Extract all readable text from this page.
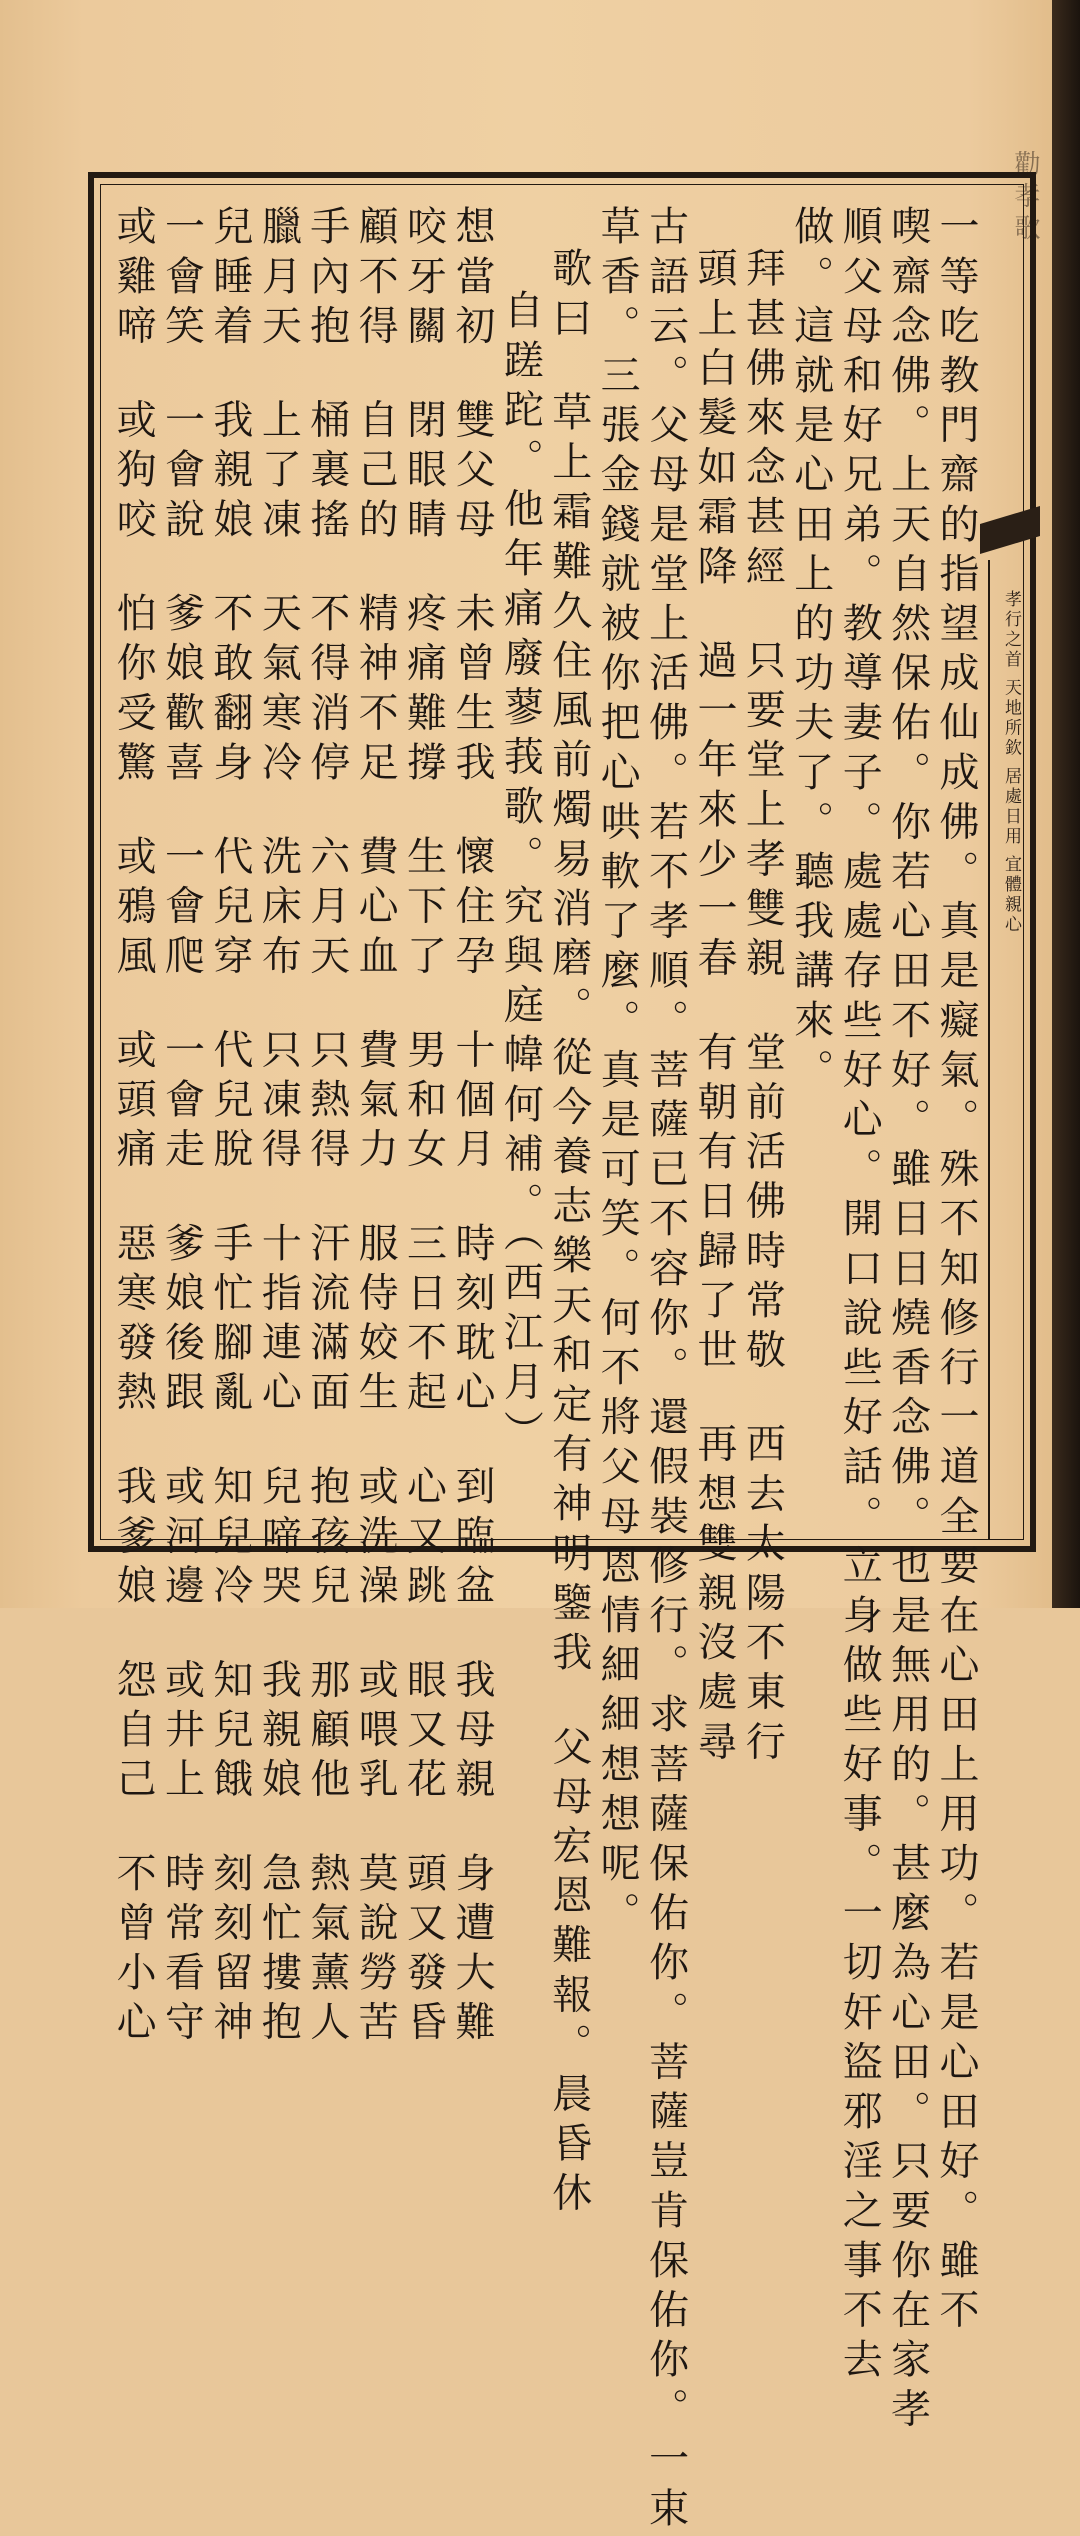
勸孝歌
孝行之首 天地所欽 居處日用 宜體親心

一等吃教門齋的指望成仙成佛。真是癡氣。殊不知修行一道全要在心田上用功。若是心田好。雖不

喫齋念佛。上天自然保佑。你若心田不好。雖日日燒香念佛。也是無用的。甚麼為心田。只要你在家孝

順父母和好兄弟。教導妻子。處處存些好心。開口說些好話。立身做些好事。一切奸盜邪淫之事不去

做。這就是心田上的功夫了。聽我講來。

拜甚佛來念甚經  只要堂上孝雙親  堂前活佛時常敬  西去太陽不東行

頭上白髮如霜降  過一年來少一春  有朝有日歸了世  再想雙親沒處尋

古語云。父母是堂上活佛。若不孝順。菩薩已不容你。還假裝修行。求菩薩保佑你。菩薩豈肯保佑你。一束

草香。三張金錢就被你把心哄軟了麼。真是可笑。何不將父母恩情細細想想呢。

歌曰  草上霜難久住風前燭易消磨。從今養志樂天和定有神明鑒我  父母宏恩難報。晨昏休

自蹉跎。他年痛廢蓼莪歌。究與庭幃何補。（西江月）

想當初  雙父母  未曾生我  懷住孕  十個月  時刻耽心  到臨盆  我母親  身遭大難

咬牙關  閉眼睛  疼痛難撐  生下了  男和女  三日不起  心又跳  眼又花  頭又發昏

顧不得  自己的  精神不足  費心血  費氣力  服侍姣生  或洗澡  或喂乳  莫說勞苦

手內抱  桶裏搖  不得消停  六月天  只熱得  汗流滿面  抱孩兒  那顧他  熱氣薰人

臘月天  上了凍  天氣寒冷  洗床布  只凍得  十指連心  兒啼哭  我親娘  急忙摟抱

兒睡着  我親娘  不敢翻身  代兒穿  代兒脫  手忙腳亂  知兒冷  知兒餓  刻刻留神

一會笑  一會說  爹娘歡喜  一會爬  一會走  爹娘後跟  或河邊  或井上  時常看守

或雞啼  或狗咬  怕你受驚  或鴉風  或頭痛  惡寒發熱  我爹娘  怨自己  不曾小心
